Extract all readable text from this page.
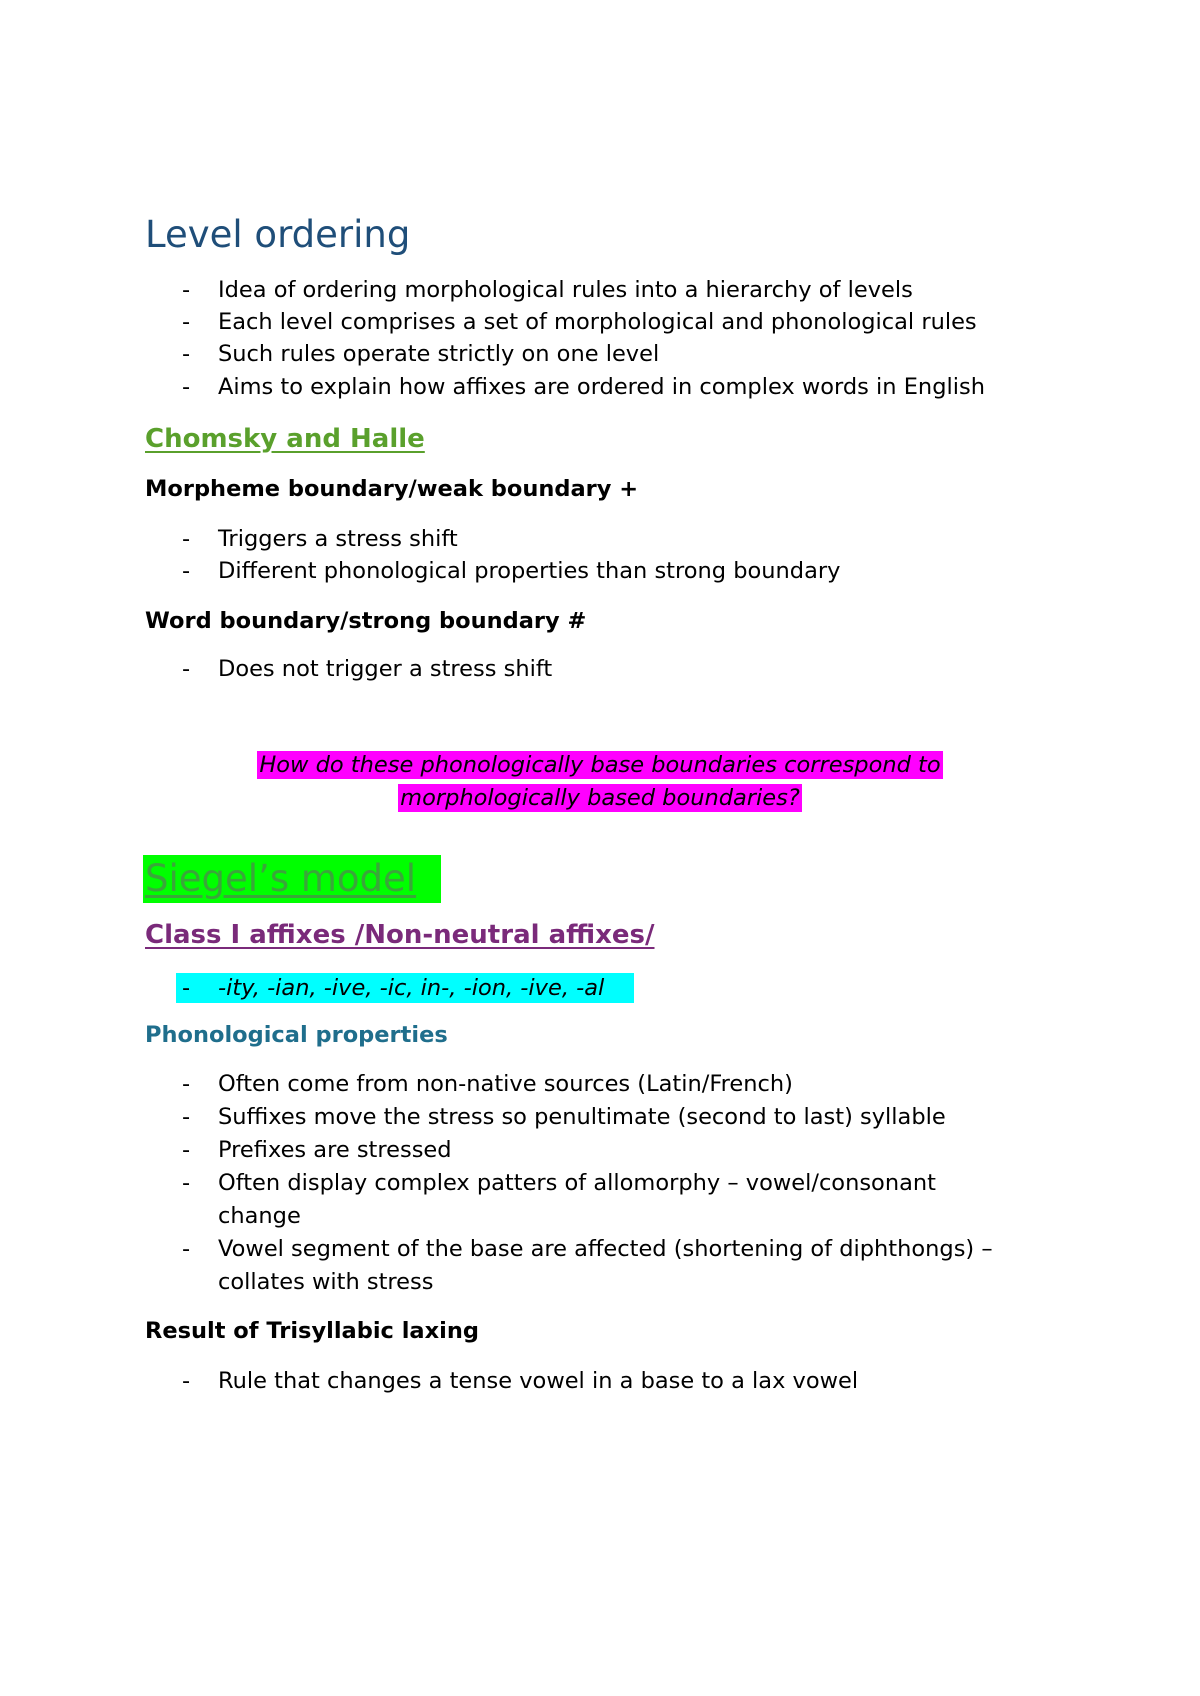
Level ordering
- Idea of ordering morphological rules into a hierarchy of levels
- Each level comprises a set of morphological and phonological rules
- Such rules operate strictly on one level
- Aims to explain how affixes are ordered in complex words in English
Chomsky and Halle
Morpheme boundary/weak boundary +
- Triggers a stress shift
- Different phonological properties than strong boundary
Word boundary/strong boundary #
- Does not trigger a stress shift
How do these phonologically base boundaries correspond to
morphologically based boundaries?
Siegel’s model
Class I affixes /Non-neutral affixes/
- -ity, -ian, -ive, -ic, in-, -ion, -ive, -al
Phonological properties
- Often come from non-native sources (Latin/French)
- Suffixes move the stress so penultimate (second to last) syllable
- Prefixes are stressed
- Often display complex patters of allomorphy – vowel/consonant
change
- Vowel segment of the base are affected (shortening of diphthongs) –
collates with stress
Result of Trisyllabic laxing
- Rule that changes a tense vowel in a base to a lax vowel
